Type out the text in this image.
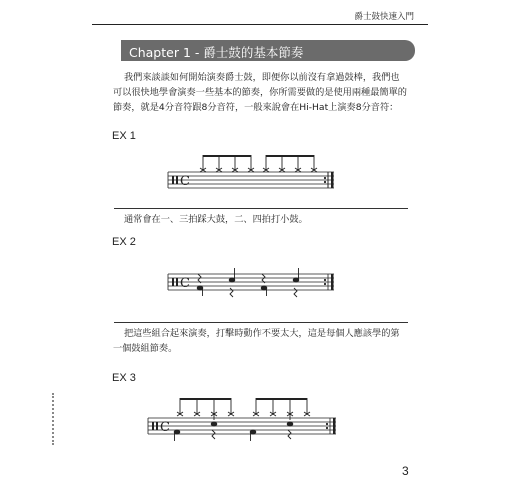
爵士鼓快速入門
Chapter 1 - 爵士鼓的基本節奏
我們來談談如何開始演奏爵士鼓，即便你以前沒有拿過鼓棒，我們也
可以很快地學會演奏一些基本的節奏，你所需要做的是使用兩種最簡單的
節奏，就是4分音符跟8分音符，一般來說會在Hi-Hat上演奏8分音符：
EX 1
EX 2
EX 3
通常會在一、三拍踩大鼓，二、四拍打小鼓。
把這些組合起來演奏，打擊時動作不要太大，這是每個人應該學的第
一個鼓組節奏。
C
C
C
3
